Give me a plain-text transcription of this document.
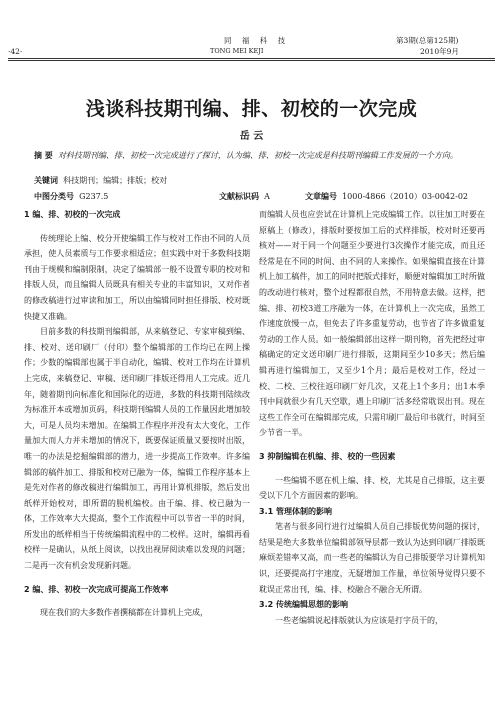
同 福 科 技
TONG MEI KEJI
·42·
第3期(总第125期)
2010年9月
浅谈科技期刊编、排、初校的一次完成
岳 云
摘 要 对科技期刊编、排、初校一次完成进行了探讨，认为编、排、初校一次完成是科技期刊编辑工作发展的一个方向。
关键词 科技期刊；编辑；排版；校对
中图分类号 G237.5	文献标识码 A	文章编号 1000-4866（2010）03-0042-02
1 编、排、初校的一次完成

传统理论上编、校分开使编辑工作与校对工作由不同的人员承担，使人员素质与工作要求相适应；但实践中对于多数科技期刊由于规模和编制限制，决定了编辑部一般不设置专职的校对和排版人员，而且编辑人员既具有相关专业的丰富知识，又对作者的修改稿进行过审读和加工，所以由编辑同时担任排版、校对既快捷又准确。

目前多数的科技期刊编辑部，从来稿登记、专家审稿到编、排、校对、送印刷厂（付印）整个编辑部的工作均已在网上操作；少数的编辑部也属于半自动化，编辑、校对工作均在计算机上完成，来稿登记、审稿、送印刷厂排版还得用人工完成。近几年，随着期刊向标准化和国际化的迈进，多数的科技期刊陆续改为标准开本或增加页码，科技期刊编辑人员的工作量因此增加较大，可是人员均未增加。在编辑工作程序并没有太大变化，工作量加大而人力并未增加的情况下，既要保证质量又要按时出版，唯一的办法是挖掘编辑部的潜力，进一步提高工作效率。许多编辑部的稿件加工、排版和校对已融为一体，编辑工作程序基本上是先对作者的修改稿进行编辑加工，再用计算机排版，然后发出纸样开始校对，即所谓的脱机编校。由于编、排、校已融为一体，工作效率大大提高，整个工作流程中可以节省一半的时间，所发出的纸样相当于传统编辑流程中的二校样。这时，编辑再看校样一是确认，从纸上阅读，以找出视屏阅读难以发现的问题；二是再一次有机会发现新问题。

2 编、排、初校一次完成可提高工作效率

现在我们的大多数作者撰稿都在计算机上完成，

而编辑人员也应尝试在计算机上完成编辑工作。以往加工时要在原稿上（修改），排版时要按加工后的式样排版，校对时还要再核对——对于同一个问题至少要进行3次操作才能完成，而且还经常是在不同的时间、由不同的人来操作。如果编辑直接在计算机上加工稿件，加工的同时把版式排好，顺便对编辑加工时所做的改动进行核对，整个过程都很自然，不用特意去做。这样，把编、排、初校3道工序融为一体，在计算机上一次完成，虽然工作速度放慢一点，但免去了许多重复劳动，也节省了许多做重复劳动的工作人员。如一般编辑部出这样一期刊物，首先把经过审稿确定的定文送印刷厂进行排版，这期间至少10多天；然后编辑再进行编辑加工，又至少1个月；最后是校对工作，经过一校、二校、三校往返印刷厂好几次，又花上1个多月；出1本季刊中间就很少有几天空歇，遇上印刷厂活多经常耽误出刊。现在这些工作全可在编辑部完成，只需印刷厂最后印书就行，时间至少节省一半。

3 抑制编辑在机编、排、校的一些因素

一些编辑不愿在机上编、排、校，尤其是自己排版，这主要受以下几个方面因素的影响。

3.1 管理体制的影响

笔者与很多同行进行过编辑人员自己排版优势问题的探讨，结果是绝大多数单位编辑部领导层都一致认为达到印刷厂排版既麻烦差错率又高，而一些老的编辑认为自己排版要学习计算机知识，还要提高打字速度，无疑增加工作量，单位领导觉得只要不耽误正常出刊，编、排、校融合不融合无所谓。

3.2 传统编辑思想的影响

一些老编辑说起排版就认为应该是打字员干的，
